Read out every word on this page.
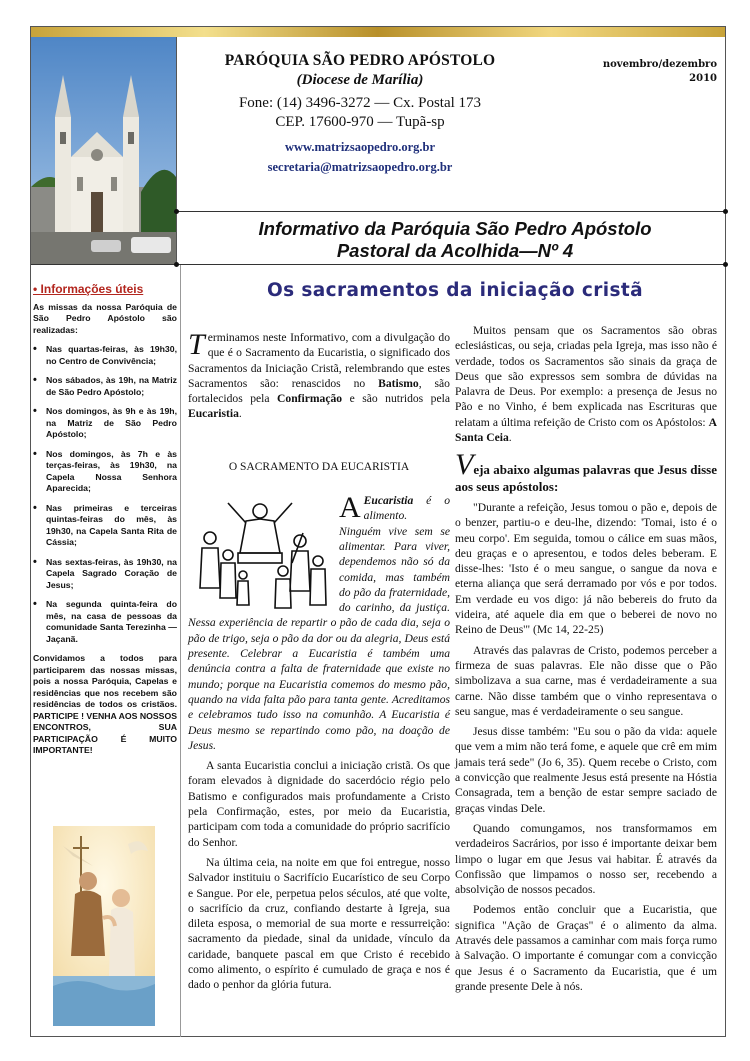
PARÓQUIA SÃO PEDRO APÓSTOLO
(Diocese de Marília)
Fone: (14) 3496-3272 — Cx. Postal 173
CEP. 17600-970 — Tupã-sp
www.matrizsaopedro.org.br
secretaria@matrizsaopedro.org.br
novembro/dezembro
2010
Informativo da Paróquia São Pedro Apóstolo
Pastoral da Acolhida—Nº 4
• Informações úteis

As missas da nossa Paróquia de São Pedro Apóstolo são realizadas:

• Nas quartas-feiras, às 19h30, no Centro de Convivência;
• Nos sábados, às 19h, na Matriz de São Pedro Apóstolo;
• Nos domingos, às 9h e às 19h, na Matriz de São Pedro Apóstolo;
• Nos domingos, às 7h e às terças-feiras, às 19h30, na Capela Nossa Senhora Aparecida;
• Nas primeiras e terceiras quintas-feiras do mês, às 19h30, na Capela Santa Rita de Cássia;
• Nas sextas-feiras, às 19h30, na Capela Sagrado Coração de Jesus;
• Na segunda quinta-feira do mês, na casa de pessoas da comunidade Santa Terezinha — Jaçanã.

Convidamos a todos para participarem das nossas missas, pois a nossa Paróquia, Capelas e residências que nos recebem são residências de todos os cristãos. PARTICIPE ! VENHA AOS NOSSOS ENCONTROS, SUA PARTICIPAÇÃO É MUITO IMPORTANTE!

Os sacramentos da iniciação cristã

Terminamos neste Informativo, com a divulgação do que é o Sacramento da Eucaristia, o significado dos Sacramentos da Iniciação Cristã, relembrando que estes Sacramentos são: renascidos no Batismo, são fortalecidos pela Confirmação e são nutridos pela Eucaristia.

O SACRAMENTO DA EUCARISTIA

A Eucaristia é o alimento. Ninguém vive sem se alimentar. Para viver, dependemos não só da comida, mas também do pão da fraternidade, do carinho, da justiça. Nessa experiência de repartir o pão de cada dia, seja o pão de trigo, seja o pão da dor ou da alegria, Deus está presente. Celebrar a Eucaristia é também uma denúncia contra a falta de fraternidade que existe no mundo; porque na Eucaristia comemos do mesmo pão, quando na vida falta pão para tanta gente. Acreditamos e celebramos tudo isso na comunhão. A Eucaristia é Deus mesmo se repartindo como pão, na doação de Jesus.

A santa Eucaristia conclui a iniciação cristã. Os que foram elevados à dignidade do sacerdócio régio pelo Batismo e configurados mais profundamente a Cristo pela Confirmação, estes, por meio da Eucaristia, participam com toda a comunidade do próprio sacrifício do Senhor.

Na última ceia, na noite em que foi entregue, nosso Salvador instituiu o Sacrifício Eucarístico de seu Corpo e Sangue. Por ele, perpetua pelos séculos, até que volte, o sacrifício da cruz, confiando destarte à Igreja, sua dileta esposa, o memorial de sua morte e ressurreição: sacramento da piedade, sinal da unidade, vínculo da caridade, banquete pascal em que Cristo é recebido como alimento, o espírito é cumulado de graça e nos é dado o penhor da glória futura.

Muitos pensam que os Sacramentos são obras eclesiásticas, ou seja, criadas pela Igreja, mas isso não é verdade, todos os Sacramentos são sinais da graça de Deus que são expressos sem sombra de dúvidas na Palavra de Deus. Por exemplo: a presença de Jesus no Pão e no Vinho, é bem explicada nas Escrituras que relatam a última refeição de Cristo com os Apóstolos: A Santa Ceia.

Veja abaixo algumas palavras que Jesus disse aos seus apóstolos:

"Durante a refeição, Jesus tomou o pão e, depois de o benzer, partiu-o e deu-lhe, dizendo: 'Tomai, isto é o meu corpo'. Em seguida, tomou o cálice em suas mãos, deu graças e o apresentou, e todos deles beberam. E disse-lhes: 'Isto é o meu sangue, o sangue da nova e eterna aliança que será derramado por vós e por todos. Em verdade eu vos digo: já não bebereis do fruto da videira, até aquele dia em que o beberei de novo no Reino de Deus'" (Mc 14, 22-25)

Através das palavras de Cristo, podemos perceber a firmeza de suas palavras. Ele não disse que o Pão simbolizava a sua carne, mas é verdadeiramente a sua carne. Não disse também que o vinho representava o seu sangue, mas é verdadeiramente o seu sangue.

Jesus disse também: "Eu sou o pão da vida: aquele que vem a mim não terá fome, e aquele que crê em mim jamais terá sede" (Jo 6, 35). Quem recebe o Cristo, com a convicção que realmente Jesus está presente na Hóstia Consagrada, tem a benção de estar sempre saciado de graças vindas Dele.

Quando comungamos, nos transformamos em verdadeiros Sacrários, por isso é importante deixar bem limpo o lugar em que Jesus vai habitar. É através da Confissão que limpamos o nosso ser, recebendo a absolvição de nossos pecados.

Podemos então concluir que a Eucaristia, que significa "Ação de Graças" é o alimento da alma. Através dele passamos a caminhar com mais força rumo à Salvação. O importante é comungar com a convicção que Jesus é o Sacramento da Eucaristia, que é um grande presente Dele à nós.
